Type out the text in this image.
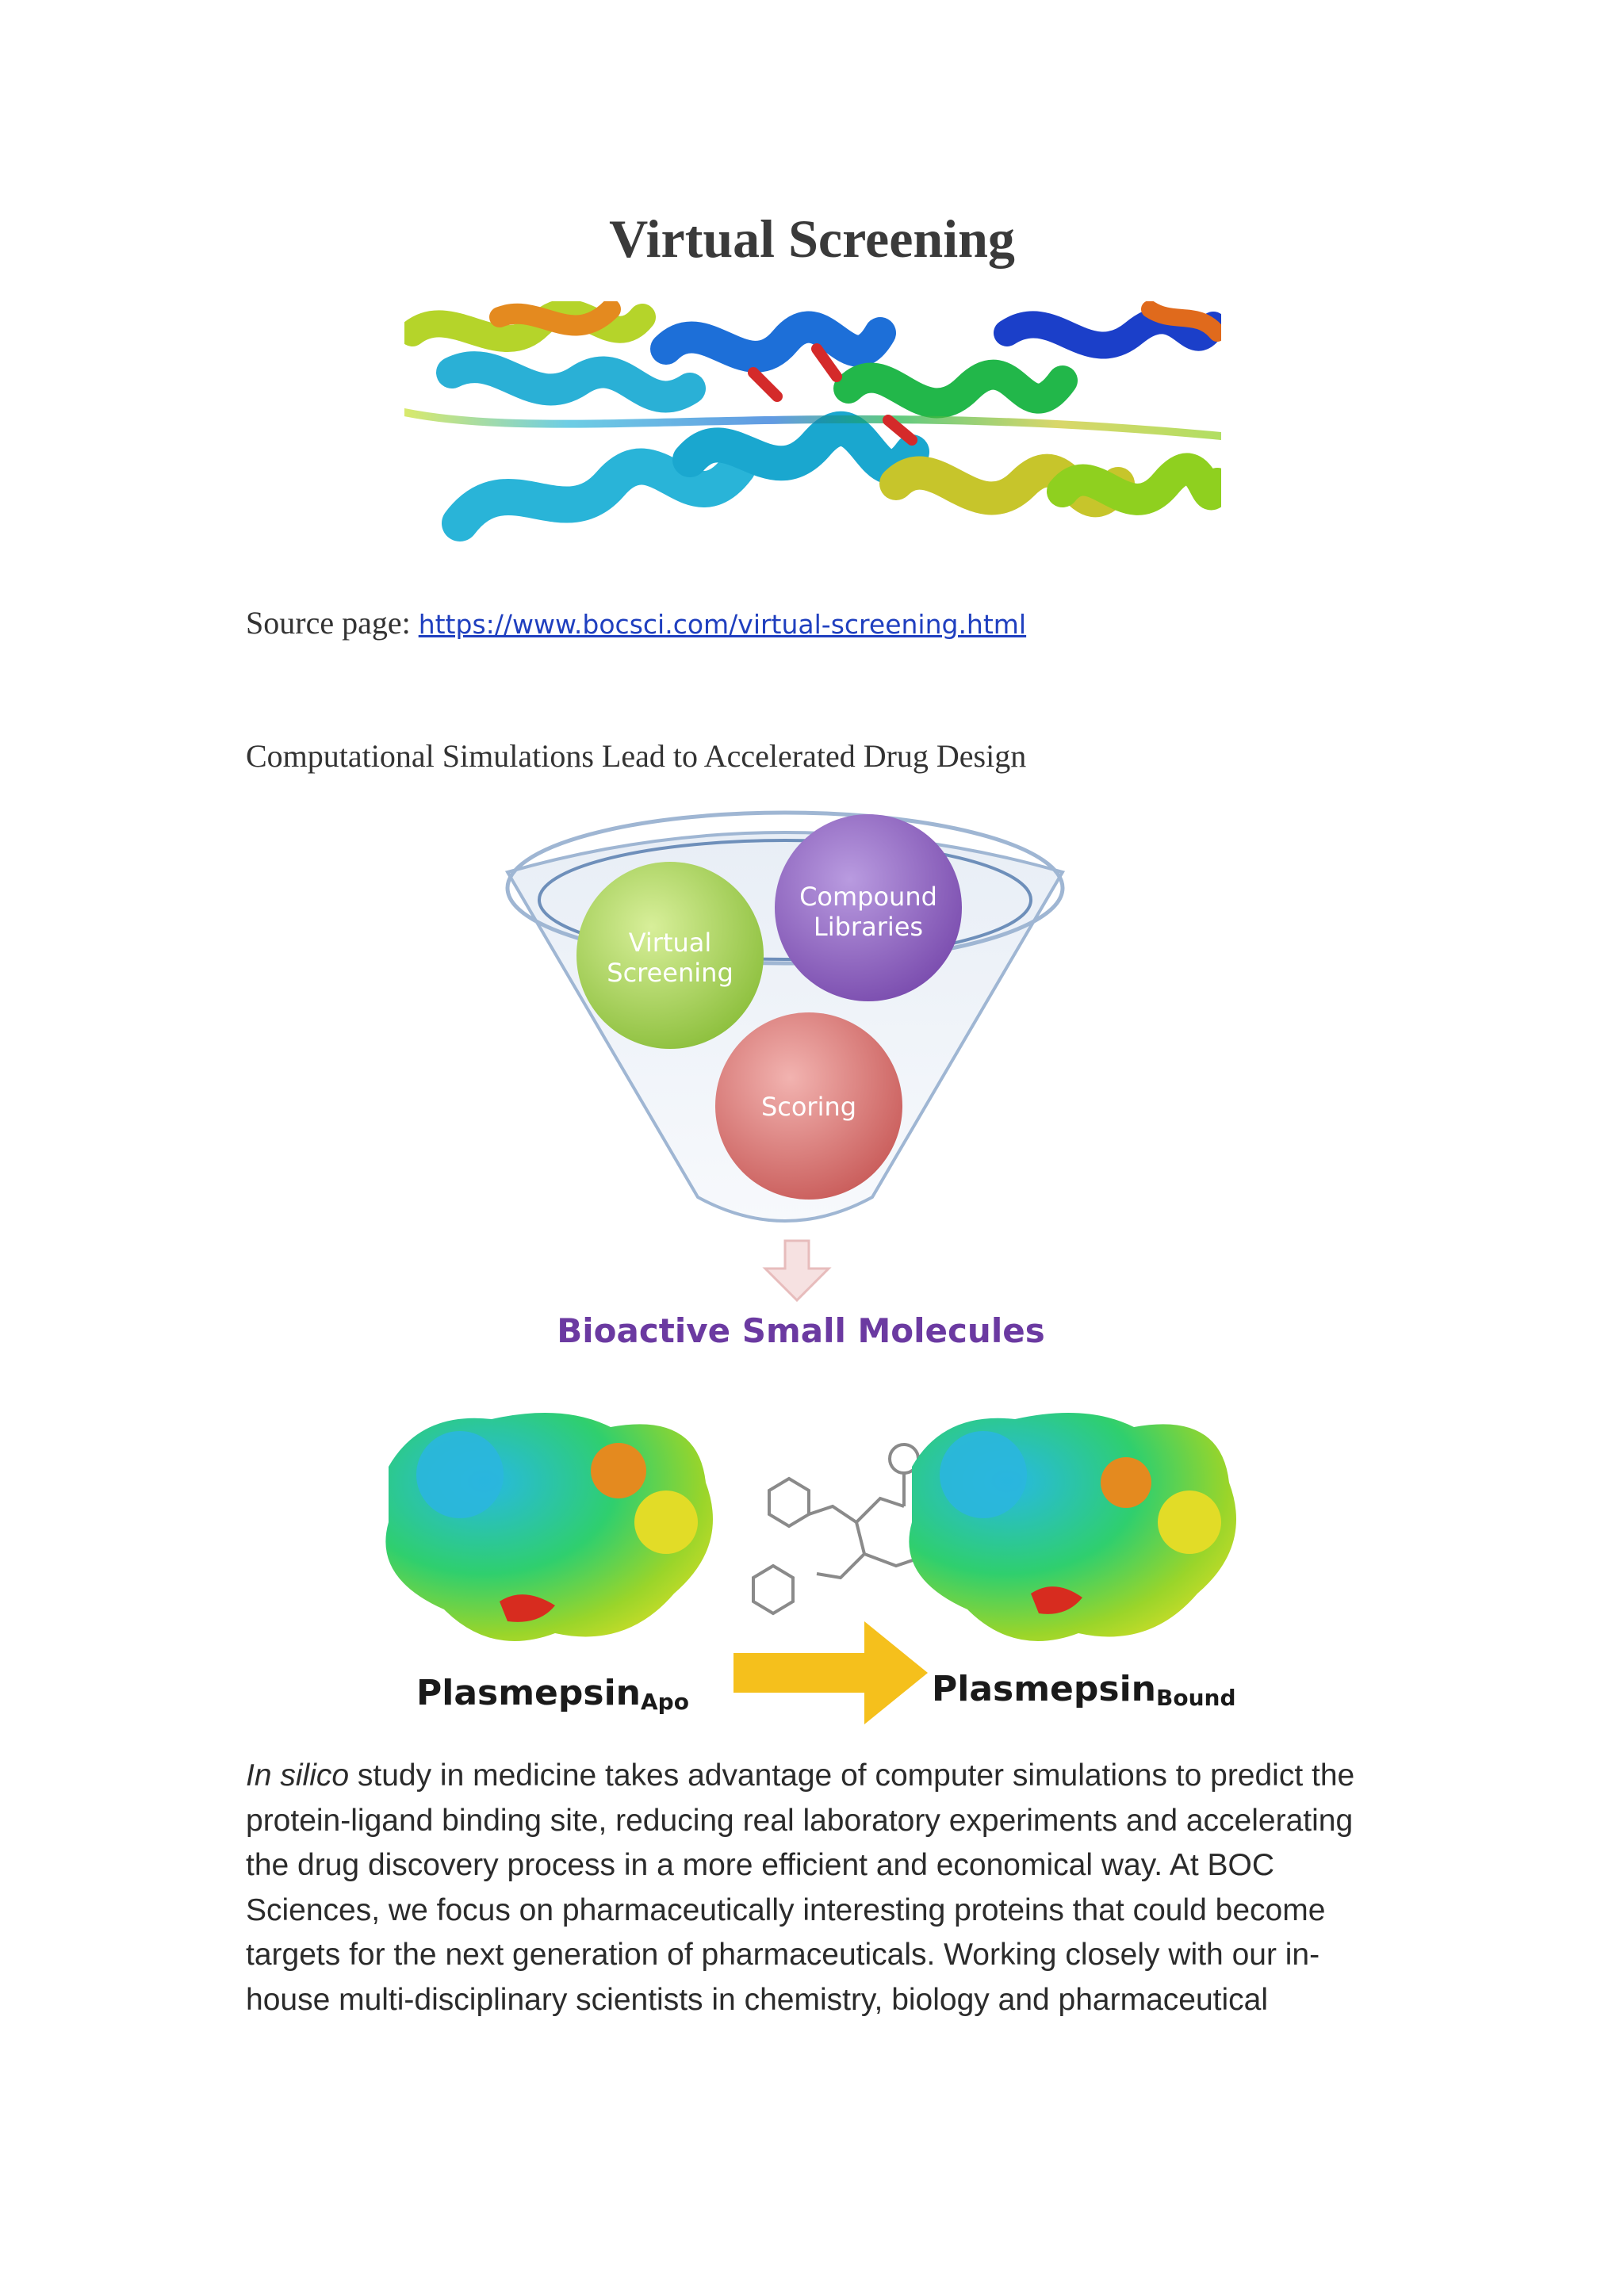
Virtual Screening
Source page: https://www.bocsci.com/virtual-screening.html
Computational Simulations Lead to Accelerated Drug Design
Compound
Libraries
Virtual
Screening
Scoring
Bioactive Small Molecules
PlasmepsinApo	PlasmepsinBound
In silico study in medicine takes advantage of computer simulations to predict the protein-ligand binding site, reducing real laboratory experiments and accelerating the drug discovery process in a more efficient and economical way. At BOC Sciences, we focus on pharmaceutically interesting proteins that could become targets for the next generation of pharmaceuticals. Working closely with our in-house multi-disciplinary scientists in chemistry, biology and pharmaceutical
